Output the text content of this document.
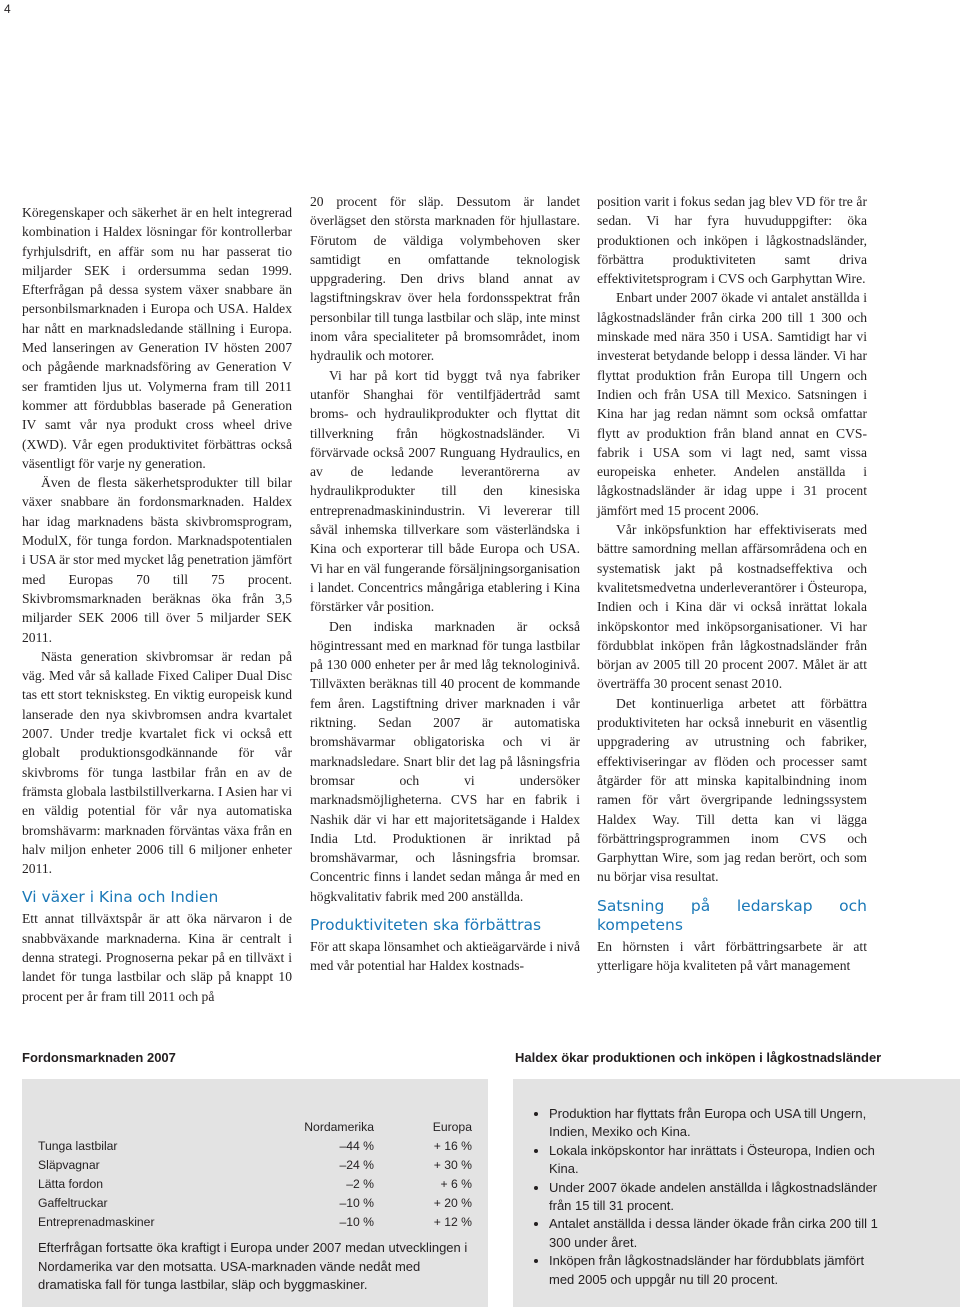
4

Köregenskaper och säkerhet är en helt integrerad kombination i Haldex lösningar för kontrollerbar fyrhjulsdrift, en affär som nu har passerat tio miljarder SEK i ordersumma sedan 1999. Efterfrågan på dessa system växer snabbare än personbilsmarknaden i Europa och USA. Haldex har nått en marknadsledande ställning i Europa. Med lanseringen av Generation IV hösten 2007 och pågående marknadsföring av Generation V ser framtiden ljus ut. Volymerna fram till 2011 kommer att fördubblas baserade på Generation IV samt vår nya produkt cross wheel drive (XWD). Vår egen produktivitet förbättras också väsentligt för varje ny generation.

Även de flesta säkerhetsprodukter till bilar växer snabbare än fordonsmarknaden. Haldex har idag marknadens bästa skivbromsprogram, ModulX, för tunga fordon. Marknadspotentialen i USA är stor med mycket låg penetration jämfört med Europas 70 till 75 procent. Skivbromsmarknaden beräknas öka från 3,5 miljarder SEK 2006 till över 5 miljarder SEK 2011.

Nästa generation skivbromsar är redan på väg. Med vår så kallade Fixed Caliper Dual Disc tas ett stort teknisksteg. En viktig europeisk kund lanserade den nya skivbromsen andra kvartalet 2007. Under tredje kvartalet fick vi också ett globalt produktionsgodkännande för vår skivbroms för tunga lastbilar från en av de främsta globala lastbilstillverkarna. I Asien har vi en väldig potential för vår nya automatiska bromshävarm: marknaden förväntas växa från en halv miljon enheter 2006 till 6 miljoner enheter 2011.

Vi växer i Kina och Indien

Ett annat tillväxtspår är att öka närvaron i de snabbväxande marknaderna. Kina är centralt i denna strategi. Prognoserna pekar på en tillväxt i landet för tunga lastbilar och släp på knappt 10 procent per år fram till 2011 och på

20 procent för släp. Dessutom är landet överlägset den största marknaden för hjullastare. Förutom de väldiga volymbehoven sker samtidigt en omfattande teknologisk uppgradering. Den drivs bland annat av lagstiftningskrav över hela fordonsspektrat från personbilar till tunga lastbilar och släp, inte minst inom våra specialiteter på bromsområdet, inom hydraulik och motorer.

Vi har på kort tid byggt två nya fabriker utanför Shanghai för ventilfjädertråd samt broms- och hydraulikprodukter och flyttat dit tillverkning från högkostnadsländer. Vi förvärvade också 2007 Runguang Hydraulics, en av de ledande leverantörerna av hydraulikprodukter till den kinesiska entreprenadmaskinindustrin. Vi levererar till såväl inhemska tillverkare som västerländska i Kina och exporterar till både Europa och USA. Vi har en väl fungerande försäljningsorganisation i landet. Concentrics mångåriga etablering i Kina förstärker vår position.

Den indiska marknaden är också högintressant med en marknad för tunga lastbilar på 130 000 enheter per år med låg teknologinivå. Tillväxten beräknas till 40 procent de kommande fem åren. Lagstiftning driver marknaden i vår riktning. Sedan 2007 är automatiska bromshävarmar obligatoriska och vi är marknadsledare. Snart blir det lag på låsningsfria bromsar och vi undersöker marknadsmöjligheterna. CVS har en fabrik i Nashik där vi har ett majoritetsägande i Haldex India Ltd. Produktionen är inriktad på bromshävarmar, och låsningsfria bromsar. Concentric finns i landet sedan många år med en högkvalitativ fabrik med 200 anställda.

Produktiviteten ska förbättras

För att skapa lönsamhet och aktieägarvärde i nivå med vår potential har Haldex kostnads-

position varit i fokus sedan jag blev VD för tre år sedan. Vi har fyra huvuduppgifter: öka produktionen och inköpen i lågkostnadsländer, förbättra produktiviteten samt driva effektivitetsprogram i CVS och Garphyttan Wire.

Enbart under 2007 ökade vi antalet anställda i lågkostnadsländer från cirka 200 till 1 300 och minskade med nära 350 i USA. Samtidigt har vi investerat betydande belopp i dessa länder. Vi har flyttat produktion från Europa till Ungern och Indien och från USA till Mexico. Satsningen i Kina har jag redan nämnt som också omfattar flytt av produktion från bland annat en CVS-fabrik i USA som vi lagt ned, samt vissa europeiska enheter. Andelen anställda i lågkostnadsländer är idag uppe i 31 procent jämfört med 15 procent 2006.

Vår inköpsfunktion har effektiviserats med bättre samordning mellan affärsområdena och en systematisk jakt på kostnadseffektiva och kvalitetsmedvetna underleverantörer i Östeuropa, Indien och i Kina där vi också inrättat lokala inköpskontor med inköpsorganisationer. Vi har fördubblat inköpen från lågkostnadsländer från början av 2005 till 20 procent 2007. Målet är att överträffa 30 procent senast 2010.

Det kontinuerliga arbetet att förbättra produktiviteten har också inneburit en väsentlig uppgradering av utrustning och fabriker, effektiviseringar av flöden och processer samt åtgärder för att minska kapitalbindning inom ramen för vårt övergripande ledningssystem Haldex Way. Till detta kan vi lägga förbättringsprogrammen inom CVS och Garphyttan Wire, som jag redan berört, och som nu börjar visa resultat.

Satsning på ledarskap och kompetens

En hörnsten i vårt förbättringsarbete är att ytterligare höja kvaliteten på vårt management

Fordonsmarknaden 2007	Haldex ökar produktionen och inköpen i lågkostnadsländer
	Nordamerika	Europa
Tunga lastbilar	–44 %	+ 16 %
Släpvagnar	–24 %	+ 30 %
Lätta fordon	–2 %	+ 6 %
Gaffeltruckar	–10 %	+ 20 %
Entreprenadmaskiner	–10 %	+ 12 %
Efterfrågan fortsatte öka kraftigt i Europa under 2007 medan utvecklingen i Nordamerika var den motsatta. USA-marknaden vände nedåt med dramatiska fall för tunga lastbilar, släp och byggmaskiner.
• Produktion har flyttats från Europa och USA till Ungern, Indien, Mexiko och Kina.
• Lokala inköpskontor har inrättats i Östeuropa, Indien och Kina.
• Under 2007 ökade andelen anställda i lågkostnadsländer från 15 till 31 procent.
• Antalet anställda i dessa länder ökade från cirka 200 till 1 300 under året.
• Inköpen från lågkostnadsländer har fördubblats jämfört med 2005 och uppgår nu till 20 procent.
